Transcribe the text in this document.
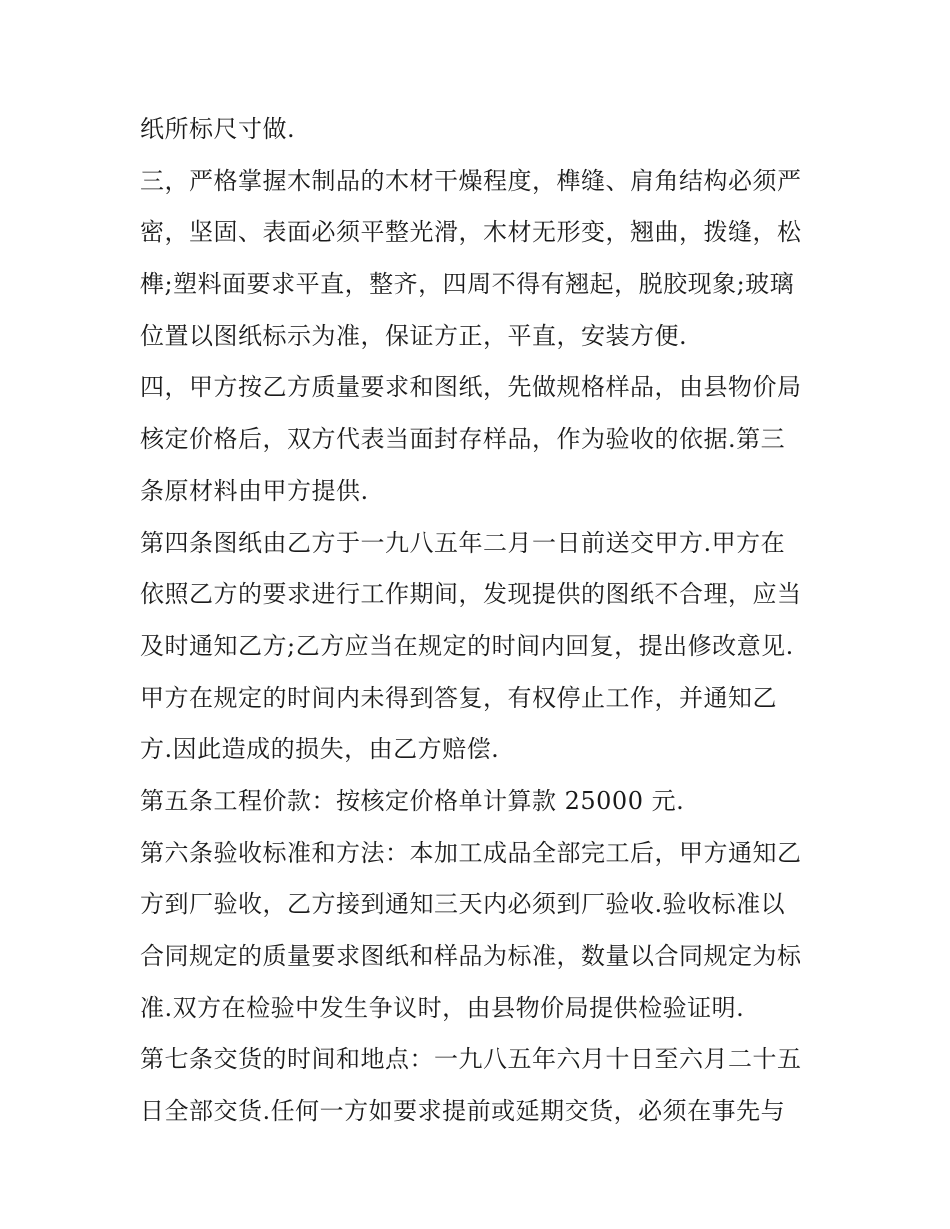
纸所标尺寸做.
三，严格掌握木制品的木材干燥程度，榫缝、肩角结构必须严
密，坚固、表面必须平整光滑，木材无形变，翘曲，拨缝，松
榫;塑料面要求平直，整齐，四周不得有翘起，脱胶现象;玻璃
位置以图纸标示为准，保证方正，平直，安装方便.
四，甲方按乙方质量要求和图纸，先做规格样品，由县物价局
核定价格后，双方代表当面封存样品，作为验收的依据.第三
条原材料由甲方提供.
第四条图纸由乙方于一九八五年二月一日前送交甲方.甲方在
依照乙方的要求进行工作期间，发现提供的图纸不合理，应当
及时通知乙方;乙方应当在规定的时间内回复，提出修改意见.
甲方在规定的时间内未得到答复，有权停止工作，并通知乙
方.因此造成的损失，由乙方赔偿.
第五条工程价款：按核定价格单计算款 25000 元.
第六条验收标准和方法：本加工成品全部完工后，甲方通知乙
方到厂验收，乙方接到通知三天内必须到厂验收.验收标准以
合同规定的质量要求图纸和样品为标准，数量以合同规定为标
准.双方在检验中发生争议时，由县物价局提供检验证明.
第七条交货的时间和地点：一九八五年六月十日至六月二十五
日全部交货.任何一方如要求提前或延期交货，必须在事先与
